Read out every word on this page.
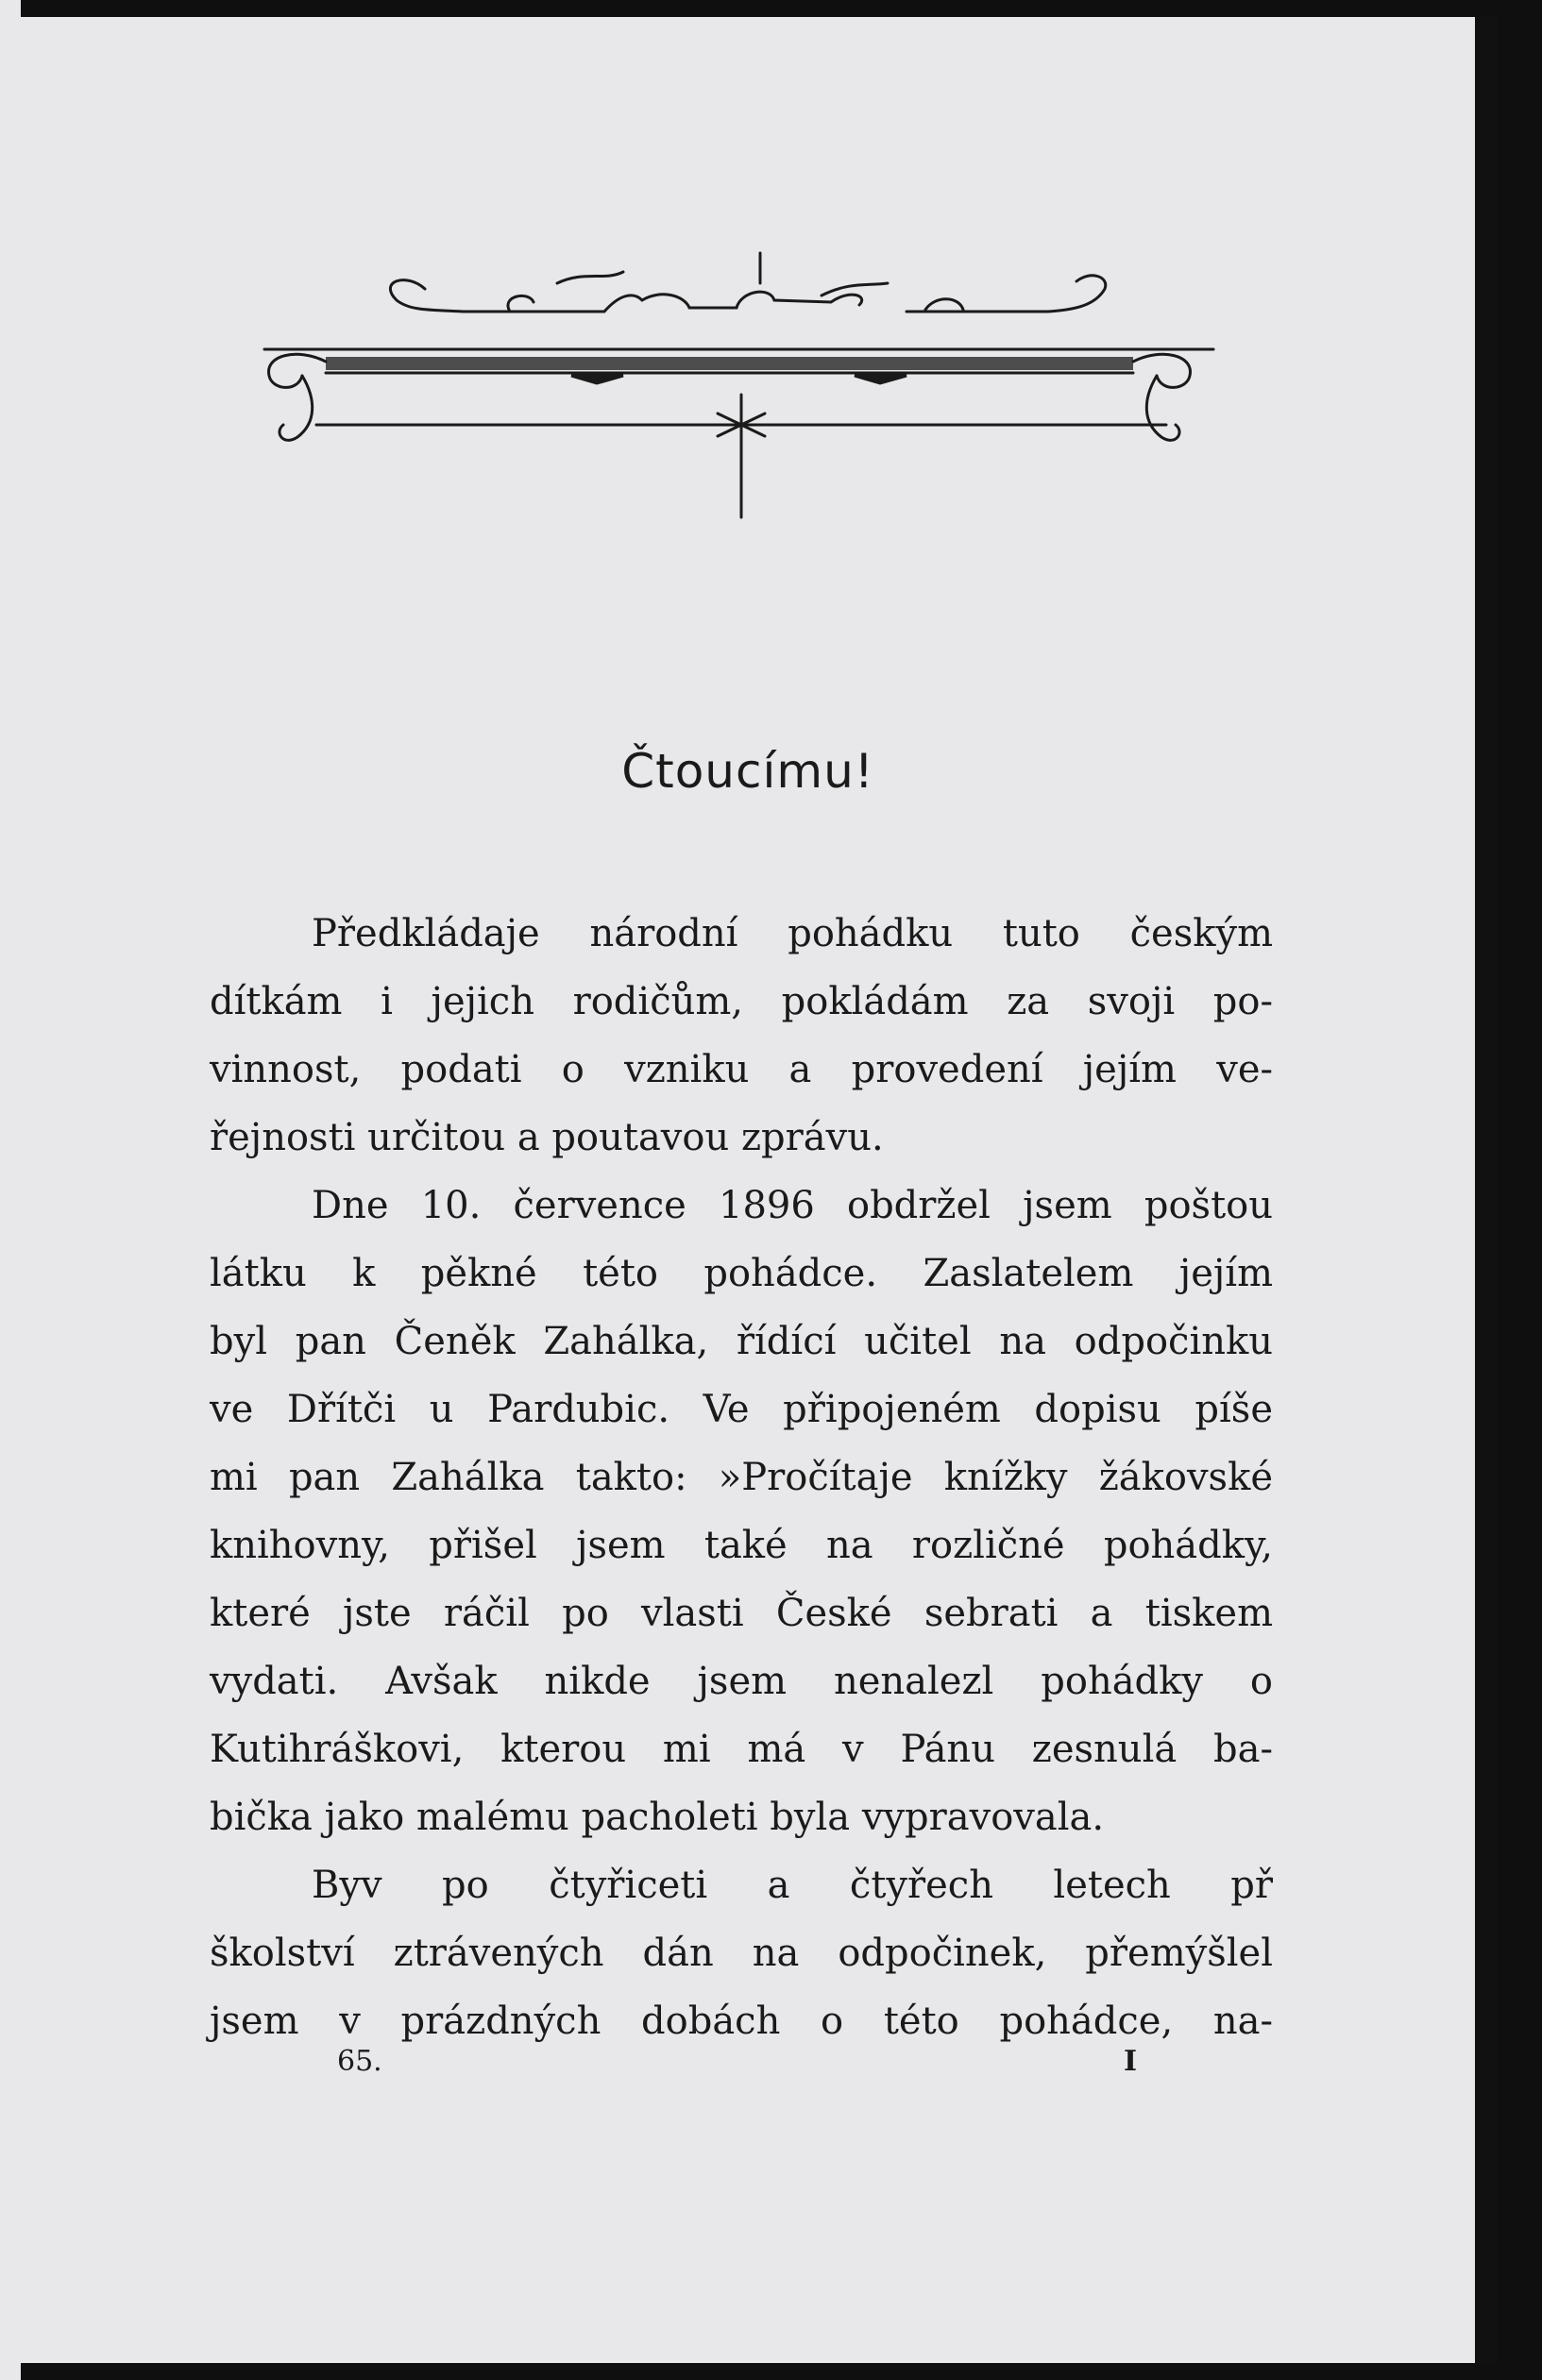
Čtoucímu!
Předkládaje národní pohádku tuto českým
dítkám i jejich rodičům, pokládám za svoji po-
vinnost, podati o vzniku a provedení jejím ve-
řejnosti určitou a poutavou zprávu.
Dne 10. července 1896 obdržel jsem poštou
látku k pěkné této pohádce. Zaslatelem jejím
byl pan Čeněk Zahálka, řídící učitel na odpočinku
ve Dřítči u Pardubic. Ve připojeném dopisu píše
mi pan Zahálka takto: »Pročítaje knížky žákovské
knihovny, přišel jsem také na rozličné pohádky,
které jste ráčil po vlasti České sebrati a tiskem
vydati. Avšak nikde jsem nenalezl pohádky o
Kutihráškovi, kterou mi má v Pánu zesnulá ba-
bička jako malému pacholeti byla vypravovala.
Byv po čtyřiceti a čtyřech letech př
školství ztrávených dán na odpočinek, přemýšlel
jsem v prázdných dobách o této pohádce, na-
65.	I
